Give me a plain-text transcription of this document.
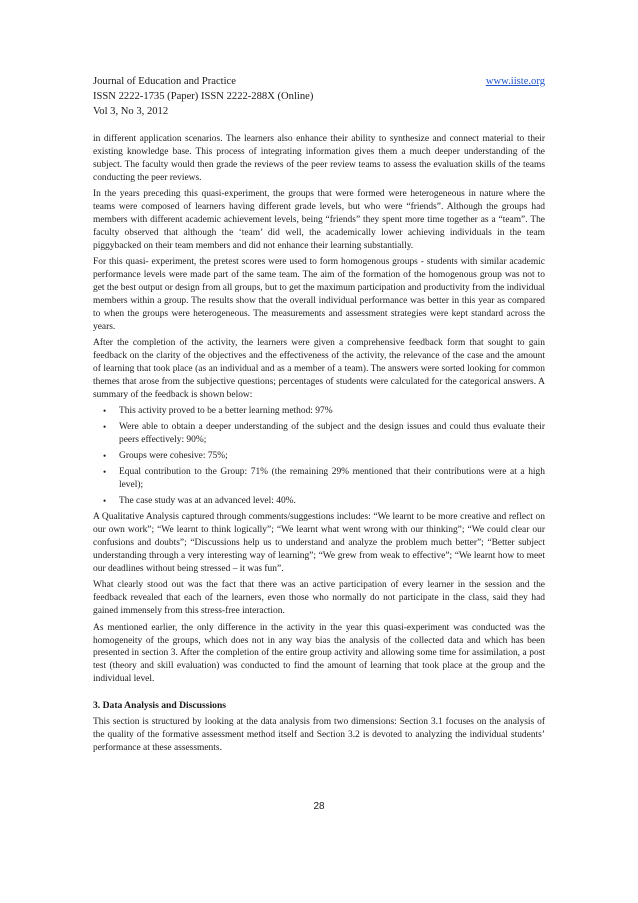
Journal of Education and Practice	www.iiste.org
ISSN 2222-1735 (Paper) ISSN 2222-288X (Online)
Vol 3, No 3, 2012

in different application scenarios. The learners also enhance their ability to synthesize and connect material to their existing knowledge base. This process of integrating information gives them a much deeper understanding of the subject. The faculty would then grade the reviews of the peer review teams to assess the evaluation skills of the teams conducting the peer reviews.

In the years preceding this quasi-experiment, the groups that were formed were heterogeneous in nature where the teams were composed of learners having different grade levels, but who were “friends”. Although the groups had members with different academic achievement levels, being “friends” they spent more time together as a “team”. The faculty observed that although the ‘team’ did well, the academically lower achieving individuals in the team piggybacked on their team members and did not enhance their learning substantially.

For this quasi- experiment, the pretest scores were used to form homogenous groups - students with similar academic performance levels were made part of the same team. The aim of the formation of the homogenous group was not to get the best output or design from all groups, but to get the maximum participation and productivity from the individual members within a group. The results show that the overall individual performance was better in this year as compared to when the groups were heterogeneous. The measurements and assessment strategies were kept standard across the years.

After the completion of the activity, the learners were given a comprehensive feedback form that sought to gain feedback on the clarity of the objectives and the effectiveness of the activity, the relevance of the case and the amount of learning that took place (as an individual and as a member of a team). The answers were sorted looking for common themes that arose from the subjective questions; percentages of students were calculated for the categorical answers. A summary of the feedback is shown below:

• This activity proved to be a better learning method: 97%
• Were able to obtain a deeper understanding of the subject and the design issues and could thus evaluate their peers effectively: 90%;
• Groups were cohesive: 75%;
• Equal contribution to the Group: 71% (the remaining 29% mentioned that their contributions were at a high level);
• The case study was at an advanced level: 40%.

A Qualitative Analysis captured through comments/suggestions includes: “We learnt to be more creative and reflect on our own work”; “We learnt to think logically”; “We learnt what went wrong with our thinking”; “We could clear our confusions and doubts”; “Discussions help us to understand and analyze the problem much better”; “Better subject understanding through a very interesting way of learning”; “We grew from weak to effective”; “We learnt how to meet our deadlines without being stressed – it was fun”.

What clearly stood out was the fact that there was an active participation of every learner in the session and the feedback revealed that each of the learners, even those who normally do not participate in the class, said they had gained immensely from this stress-free interaction.

As mentioned earlier, the only difference in the activity in the year this quasi-experiment was conducted was the homogeneity of the groups, which does not in any way bias the analysis of the collected data and which has been presented in section 3. After the completion of the entire group activity and allowing some time for assimilation, a post test (theory and skill evaluation) was conducted to find the amount of learning that took place at the group and the individual level.

3. Data Analysis and Discussions

This section is structured by looking at the data analysis from two dimensions: Section 3.1 focuses on the analysis of the quality of the formative assessment method itself and Section 3.2 is devoted to analyzing the individual students’ performance at these assessments.

28
